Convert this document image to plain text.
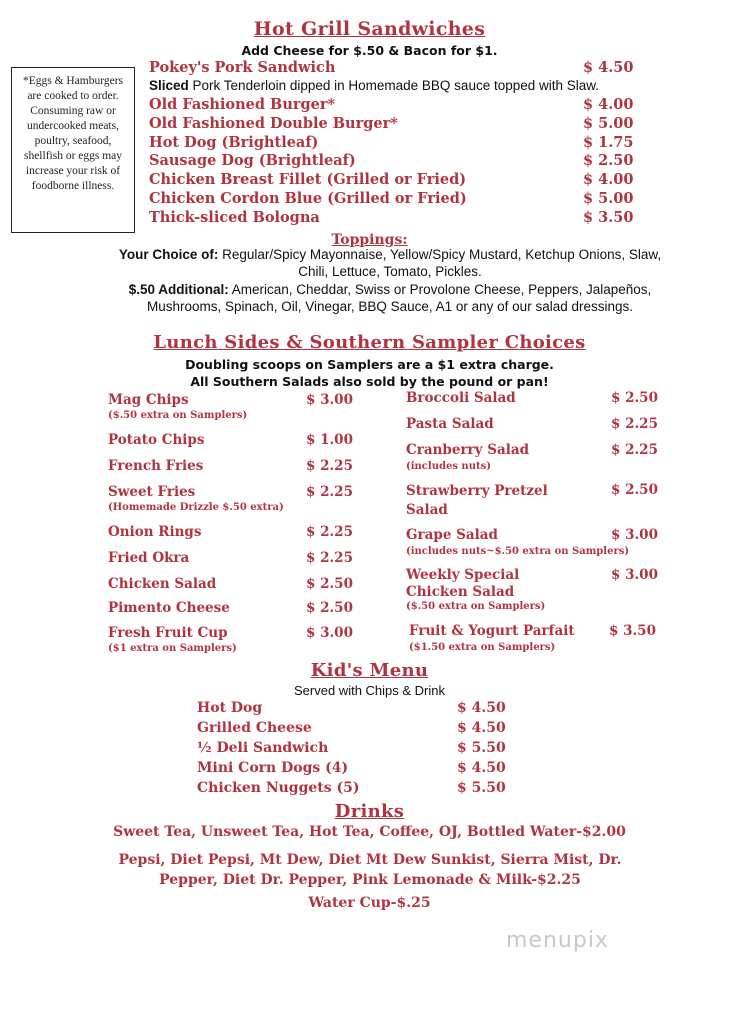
Hot Grill Sandwiches
Add Cheese for $.50 & Bacon for $1.
*Eggs & Hamburgers are cooked to order. Consuming raw or undercooked meats, poultry, seafood, shellfish or eggs may increase your risk of foodborne illness.
Pokey's Pork Sandwich	$ 4.50
Sliced Pork Tenderloin dipped in Homemade BBQ sauce topped with Slaw.
Old Fashioned Burger*	$ 4.00
Old Fashioned Double Burger*	$ 5.00
Hot Dog (Brightleaf)	$ 1.75
Sausage Dog (Brightleaf)	$ 2.50
Chicken Breast Fillet (Grilled or Fried)	$ 4.00
Chicken Cordon Blue (Grilled or Fried)	$ 5.00
Thick-sliced Bologna	$ 3.50
Toppings:
Your Choice of: Regular/Spicy Mayonnaise, Yellow/Spicy Mustard, Ketchup Onions, Slaw, Chili, Lettuce, Tomato, Pickles.
$.50 Additional: American, Cheddar, Swiss or Provolone Cheese, Peppers, Jalapeños, Mushrooms, Spinach, Oil, Vinegar, BBQ Sauce, A1 or any of our salad dressings.
Lunch Sides & Southern Sampler Choices
Doubling scoops on Samplers are a $1 extra charge.
All Southern Salads also sold by the pound or pan!
Mag Chips	$ 3.00
($.50 extra on Samplers)
Potato Chips	$ 1.00
French Fries	$ 2.25
Sweet Fries	$ 2.25
(Homemade Drizzle $.50 extra)
Onion Rings	$ 2.25
Fried Okra	$ 2.25
Chicken Salad	$ 2.50
Pimento Cheese	$ 2.50
Fresh Fruit Cup	$ 3.00
($1 extra on Samplers)
Broccoli Salad	$ 2.50
Pasta Salad	$ 2.25
Cranberry Salad	$ 2.25
(includes nuts)
Strawberry Pretzel Salad
$ 2.50
Grape Salad	$ 3.00
(includes nuts~$.50 extra on Samplers)
Weekly Special Chicken Salad
$ 3.00
($.50 extra on Samplers)
Fruit & Yogurt Parfait	$ 3.50
($1.50 extra on Samplers)
Kid's Menu
Served with Chips & Drink
Hot Dog	$ 4.50
Grilled Cheese	$ 4.50
½ Deli Sandwich	$ 5.50
Mini Corn Dogs (4)	$ 4.50
Chicken Nuggets (5)	$ 5.50
Drinks
Sweet Tea, Unsweet Tea, Hot Tea, Coffee, OJ, Bottled Water-$2.00
Pepsi, Diet Pepsi, Mt Dew, Diet Mt Dew Sunkist, Sierra Mist, Dr. Pepper, Diet Dr. Pepper, Pink Lemonade & Milk-$2.25
Water Cup-$.25
menupix
